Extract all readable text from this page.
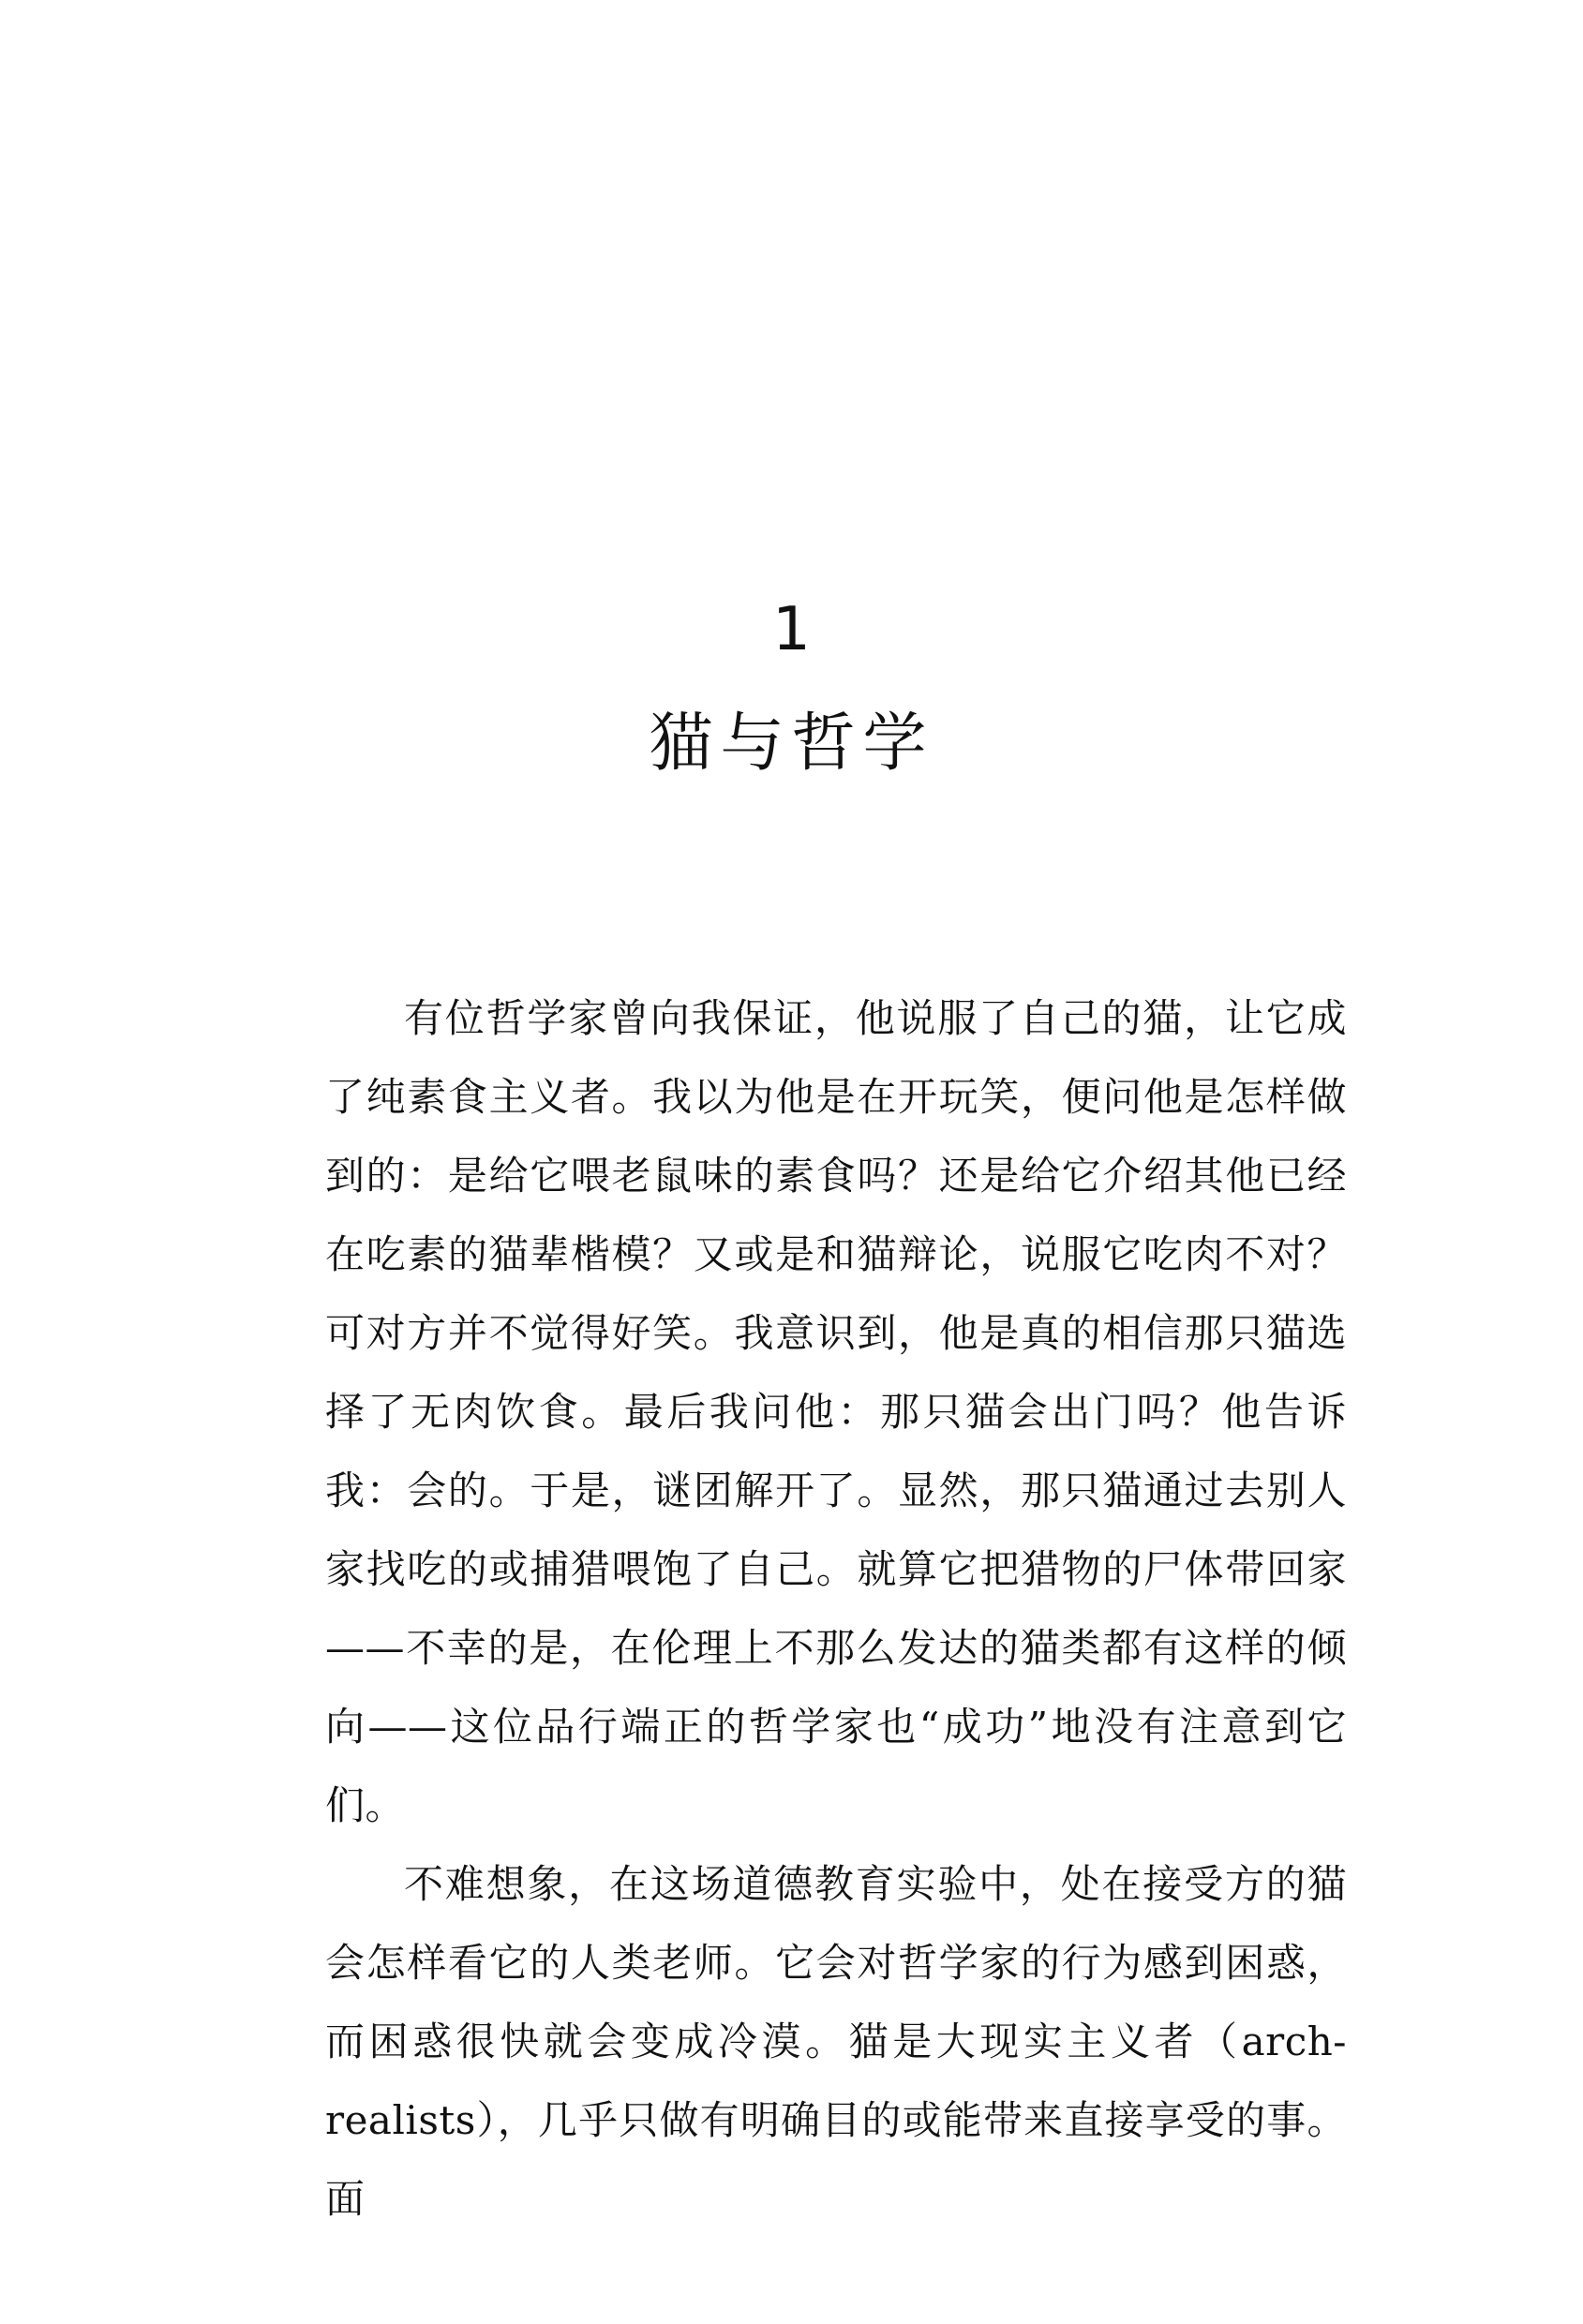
1
猫与哲学

有位哲学家曾向我保证，他说服了自己的猫，让它成了纯素食主义者。我以为他是在开玩笑，便问他是怎样做到的：是给它喂老鼠味的素食吗？还是给它介绍其他已经在吃素的猫辈楷模？又或是和猫辩论，说服它吃肉不对？可对方并不觉得好笑。我意识到，他是真的相信那只猫选择了无肉饮食。最后我问他：那只猫会出门吗？他告诉我：会的。于是，谜团解开了。显然，那只猫通过去别人家找吃的或捕猎喂饱了自己。就算它把猎物的尸体带回家——不幸的是，在伦理上不那么发达的猫类都有这样的倾向——这位品行端正的哲学家也“成功”地没有注意到它们。

不难想象，在这场道德教育实验中，处在接受方的猫会怎样看它的人类老师。它会对哲学家的行为感到困惑，而困惑很快就会变成冷漠。猫是大现实主义者（arch-realists），几乎只做有明确目的或能带来直接享受的事。面
